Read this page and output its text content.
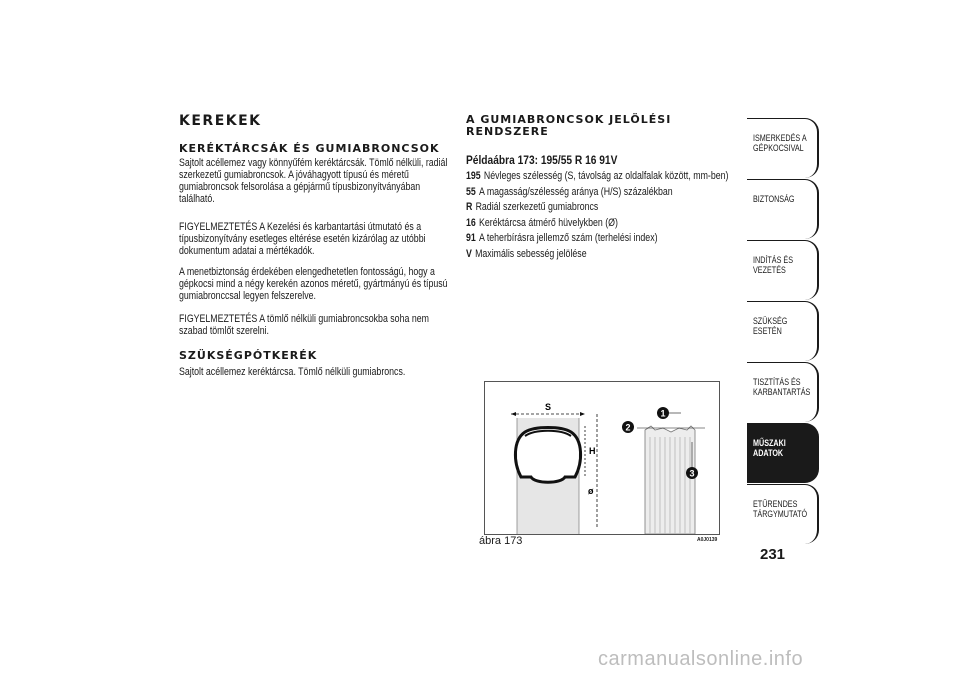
KEREKEK
KERÉKTÁRCSÁK ÉS GUMIABRONCSOK

Sajtolt acéllemez vagy könnyűfém keréktárcsák. Tömlő nélküli, radiál szerkezetű gumiabroncsok. A jóváhagyott típusú és méretű gumiabroncsok felsorolása a gépjármű típusbizonyítványában található.

FIGYELMEZTETÉS A Kezelési és karbantartási útmutató és a típusbizonyítvány esetleges eltérése esetén kizárólag az utóbbi dokumentum adatai a mértékadók.

A menetbiztonság érdekében elengedhetetlen fontosságú, hogy a gépkocsi mind a négy kerekén azonos méretű, gyártmányú és típusú gumiabronccsal legyen felszerelve.

FIGYELMEZTETÉS A tömlő nélküli gumiabroncsokba soha nem szabad tömlőt szerelni.

SZÜKSÉGPÓTKERÉK

Sajtolt acéllemez keréktárcsa. Tömlő nélküli gumiabroncs.

A GUMIABRONCSOK JELÖLÉSI RENDSZERE
Példaábra 173: 195/55 R 16 91V
195 Névleges szélesség (S, távolság az oldalfalak között, mm-ben)
55 A magasság/szélesség aránya (H/S) százalékban
R Radiál szerkezetű gumiabroncs
16 Keréktárcsa átmérő hüvelykben (Ø)
91 A teherbírásra jellemző szám (terhelési index)
V Maximális sebesség jelölése
S
H
ø
1
2
3
ábra 173	A0J0139
ISMERKEDÉS A GÉPKOCSIVAL
BIZTONSÁG
INDÍTÁS ÉS VEZETÉS
SZÜKSÉG ESETÉN
TISZTÍTÁS ÉS KARBANTARTÁS
MŰSZAKI ADATOK
ETŰRENDES TÁRGYMUTATÓ
231
carmanualsonline.info
